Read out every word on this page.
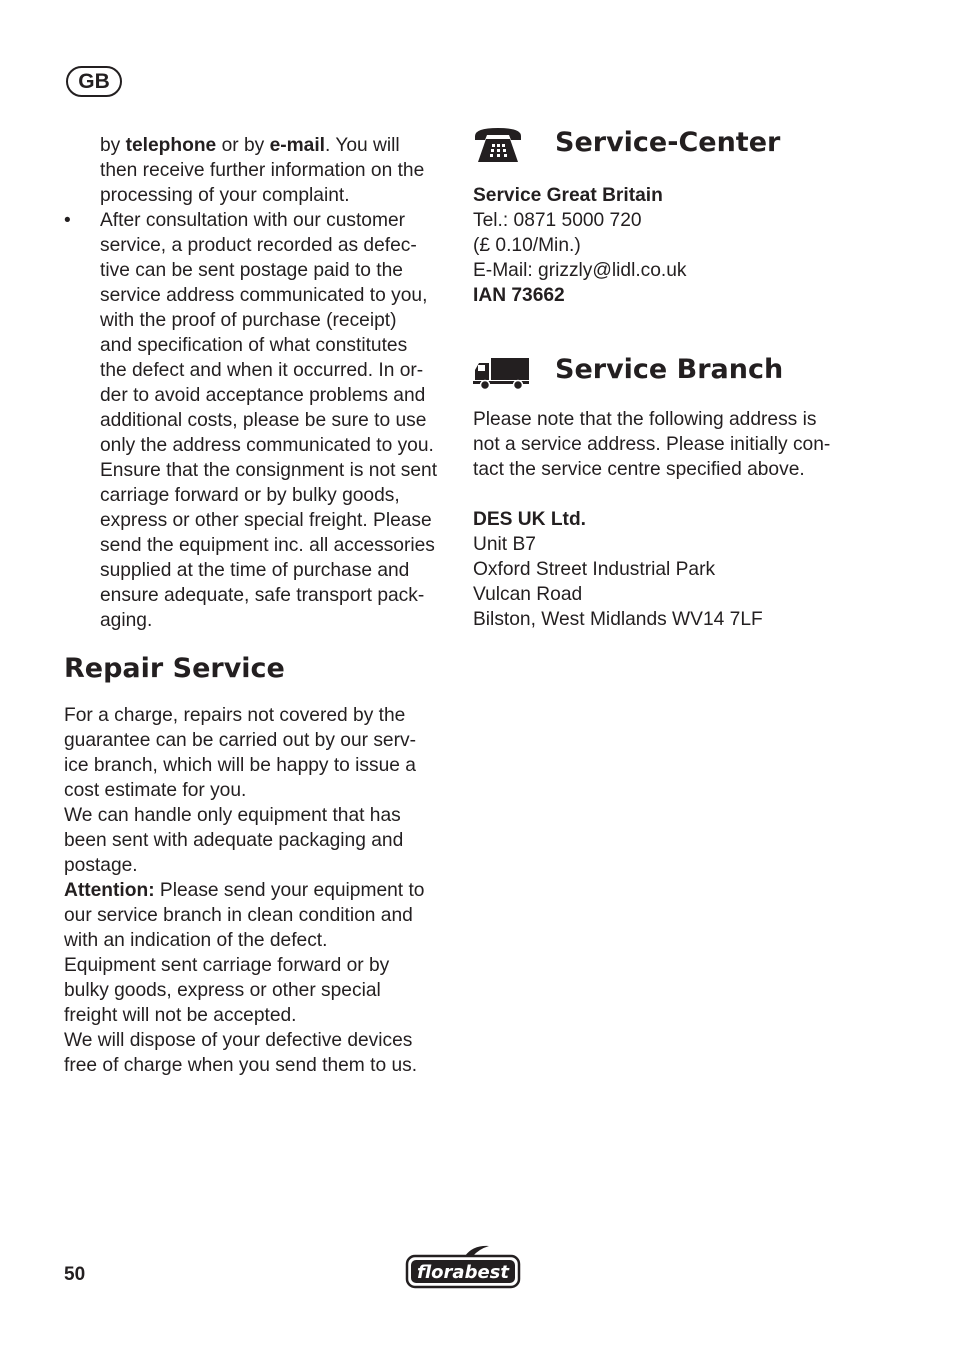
GB

by telephone or by e-mail. You will

then receive further information on the

processing of your complaint.

• After consultation with our customer

service, a product recorded as defec-

tive can be sent postage paid to the

service address communicated to you,

with the proof of purchase (receipt)

and specification of what constitutes

the defect and when it occurred. In or-

der to avoid acceptance problems and

additional costs, please be sure to use

only the address communicated to you.

Ensure that the consignment is not sent

carriage forward or by bulky goods,

express or other special freight. Please

send the equipment inc. all accessories

supplied at the time of purchase and

ensure adequate, safe transport pack-

aging.

Repair Service

For a charge, repairs not covered by the

guarantee can be carried out by our serv-

ice branch, which will be happy to issue a

cost estimate for you.

We can handle only equipment that has

been sent with adequate packaging and

postage.

Attention: Please send your equipment to

our service branch in clean condition and

with an indication of the defect.

Equipment sent carriage forward or by

bulky goods, express or other special

freight will not be accepted.

We will dispose of your defective devices

free of charge when you send them to us.

Service-Center

Service Great Britain

Tel.: 0871 5000 720

(£ 0.10/Min.)

E-Mail: grizzly@lidl.co.uk

IAN 73662

Service Branch

Please note that the following address is

not a service address. Please initially con-

tact the service centre specified above.

DES UK Ltd.

Unit B7

Oxford Street Industrial Park

Vulcan Road

Bilston, West Midlands WV14 7LF

50	florabest
